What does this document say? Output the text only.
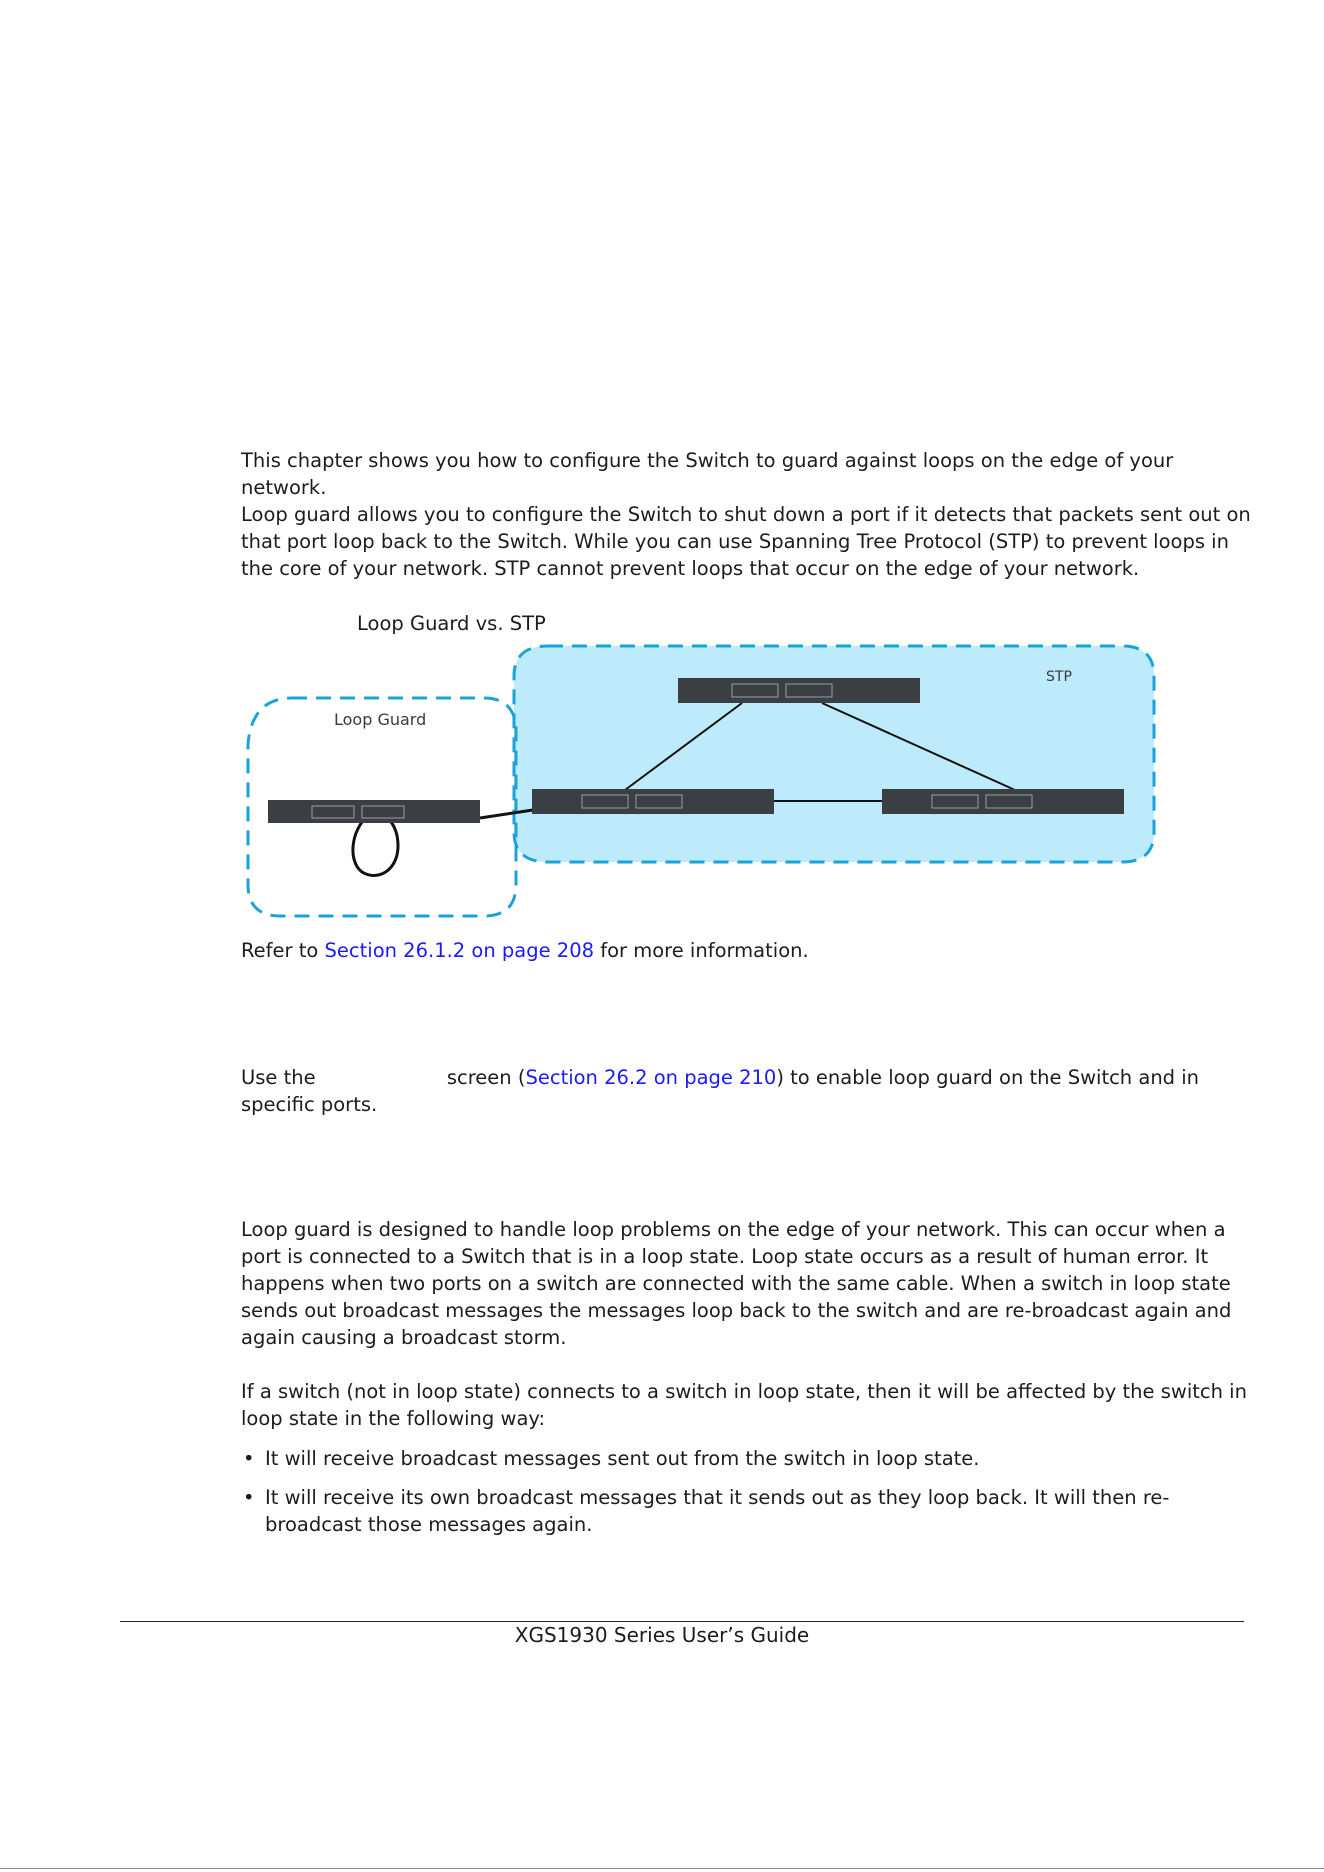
This chapter shows you how to configure the Switch to guard against loops on the edge of your network.

Loop guard allows you to configure the Switch to shut down a port if it detects that packets sent out on that port loop back to the Switch. While you can use Spanning Tree Protocol (STP) to prevent loops in the core of your network. STP cannot prevent loops that occur on the edge of your network.

Loop Guard vs. STP

Loop Guard
STP

Refer to Section 26.1.2 on page 208 for more information.

Use the	screen (Section 26.2 on page 210) to enable loop guard on the Switch and in specific ports.

Loop guard is designed to handle loop problems on the edge of your network. This can occur when a port is connected to a Switch that is in a loop state. Loop state occurs as a result of human error. It happens when two ports on a switch are connected with the same cable. When a switch in loop state sends out broadcast messages the messages loop back to the switch and are re-broadcast again and again causing a broadcast storm.

If a switch (not in loop state) connects to a switch in loop state, then it will be affected by the switch in loop state in the following way:

• It will receive broadcast messages sent out from the switch in loop state.
• It will receive its own broadcast messages that it sends out as they loop back. It will then re-broadcast those messages again.

XGS1930 Series User’s Guide
